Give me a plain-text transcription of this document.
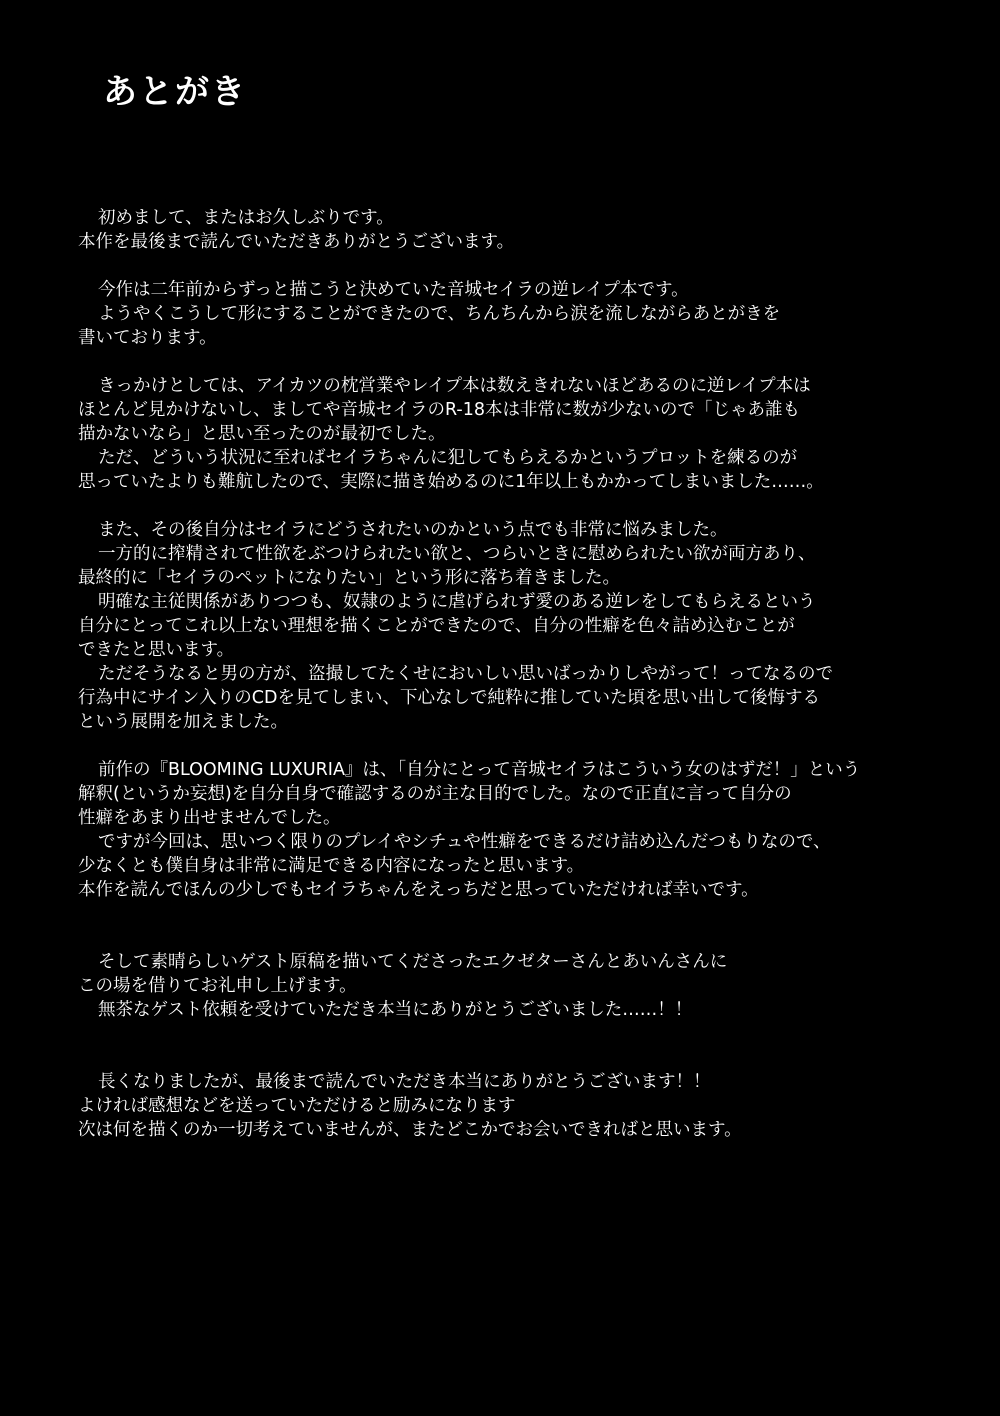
あとがき
初めまして、またはお久しぶりです。
本作を最後まで読んでいただきありがとうございます。
今作は二年前からずっと描こうと決めていた音城セイラの逆レイプ本です。
ようやくこうして形にすることができたので、ちんちんから涙を流しながらあとがきを
書いております。
きっかけとしては、アイカツの枕営業やレイプ本は数えきれないほどあるのに逆レイプ本は
ほとんど見かけないし、ましてや音城セイラのR-18本は非常に数が少ないので「じゃあ誰も
描かないなら」と思い至ったのが最初でした。
ただ、どういう状況に至ればセイラちゃんに犯してもらえるかというプロットを練るのが
思っていたよりも難航したので、実際に描き始めるのに1年以上もかかってしまいました……。
また、その後自分はセイラにどうされたいのかという点でも非常に悩みました。
一方的に搾精されて性欲をぶつけられたい欲と、つらいときに慰められたい欲が両方あり、
最終的に「セイラのペットになりたい」という形に落ち着きました。
明確な主従関係がありつつも、奴隷のように虐げられず愛のある逆レをしてもらえるという
自分にとってこれ以上ない理想を描くことができたので、自分の性癖を色々詰め込むことが
できたと思います。
ただそうなると男の方が、盗撮してたくせにおいしい思いばっかりしやがって！ってなるので
行為中にサイン入りのCDを見てしまい、下心なしで純粋に推していた頃を思い出して後悔する
という展開を加えました。
前作の『BLOOMING LUXURIA』は、「自分にとって音城セイラはこういう女のはずだ！」という
解釈(というか妄想)を自分自身で確認するのが主な目的でした。なので正直に言って自分の
性癖をあまり出せませんでした。
ですが今回は、思いつく限りのプレイやシチュや性癖をできるだけ詰め込んだつもりなので、
少なくとも僕自身は非常に満足できる内容になったと思います。
本作を読んでほんの少しでもセイラちゃんをえっちだと思っていただければ幸いです。
そして素晴らしいゲスト原稿を描いてくださったエクゼターさんとあいんさんに
この場を借りてお礼申し上げます。
無茶なゲスト依頼を受けていただき本当にありがとうございました……！！
長くなりましたが、最後まで読んでいただき本当にありがとうございます！！
よければ感想などを送っていただけると励みになります
次は何を描くのか一切考えていませんが、またどこかでお会いできればと思います。
